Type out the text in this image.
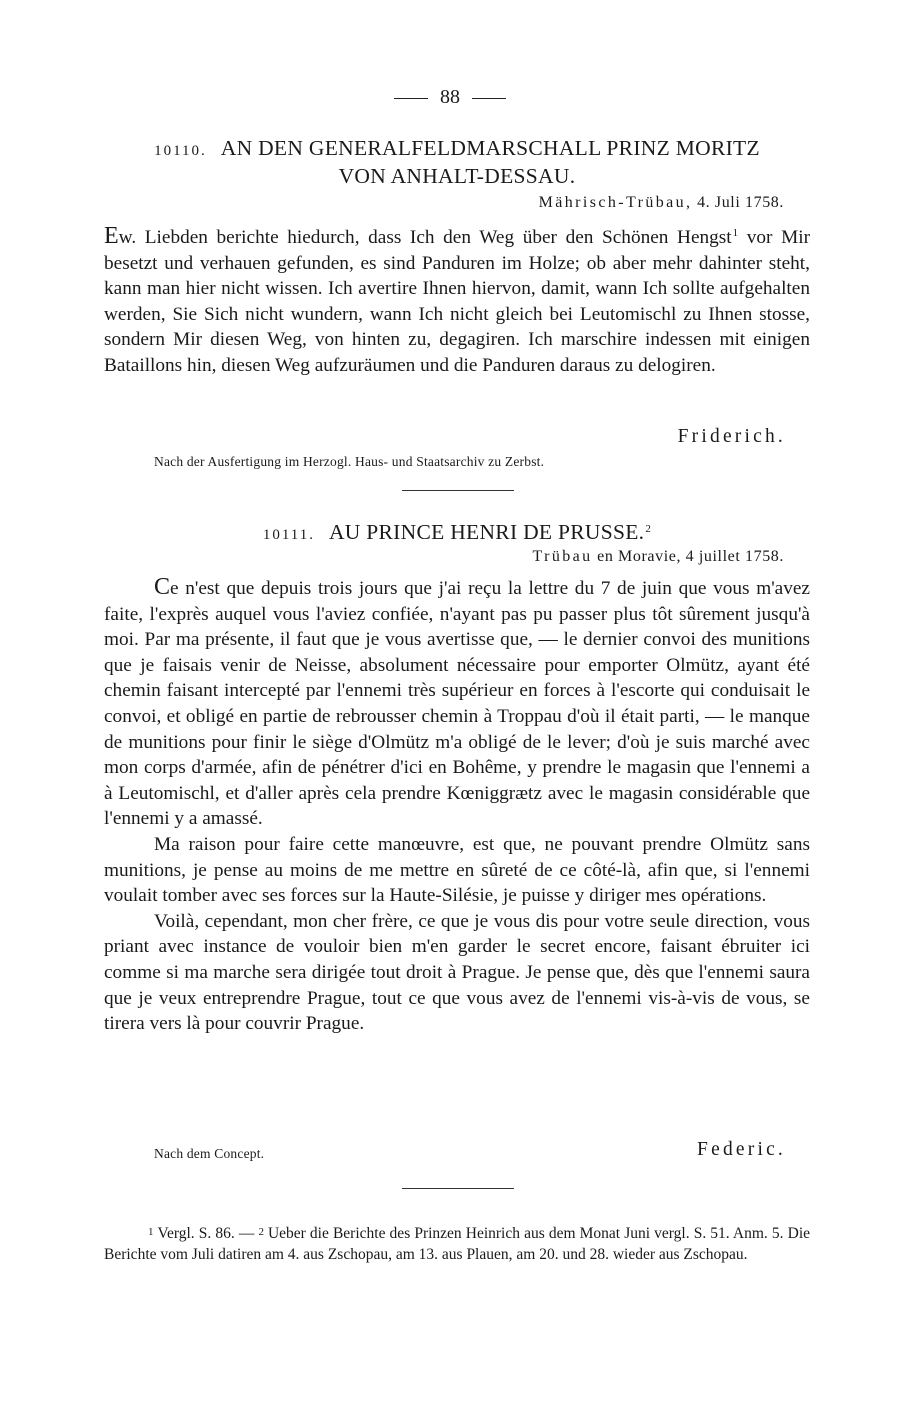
88
10110. AN DEN GENERALFELDMARSCHALL PRINZ MORITZ
VON ANHALT-DESSAU.
Mährisch-Trübau, 4. Juli 1758.

Ew. Liebden berichte hiedurch, dass Ich den Weg über den Schönen Hengst$^1$ vor Mir besetzt und verhauen gefunden, es sind Panduren im Holze; ob aber mehr dahinter steht, kann man hier nicht wissen. Ich avertire Ihnen hiervon, damit, wann Ich sollte aufgehalten werden, Sie Sich nicht wundern, wann Ich nicht gleich bei Leutomischl zu Ihnen stosse, sondern Mir diesen Weg, von hinten zu, degagiren. Ich marschire indessen mit einigen Bataillons hin, diesen Weg aufzuräumen und die Panduren daraus zu delogiren.

Friderich.
Nach der Ausfertigung im Herzogl. Haus- und Staatsarchiv zu Zerbst.
10111. AU PRINCE HENRI DE PRUSSE.$^2$
Trübau en Moravie, 4 juillet 1758.

Ce n'est que depuis trois jours que j'ai reçu la lettre du 7 de juin que vous m'avez faite, l'exprès auquel vous l'aviez confiée, n'ayant pas pu passer plus tôt sûrement jusqu'à moi. Par ma présente, il faut que je vous avertisse que, — le dernier convoi des munitions que je faisais venir de Neisse, absolument nécessaire pour emporter Olmütz, ayant été chemin faisant intercepté par l'ennemi très supérieur en forces à l'escorte qui conduisait le convoi, et obligé en partie de rebrousser chemin à Troppau d'où il était parti, — le manque de munitions pour finir le siège d'Olmütz m'a obligé de le lever; d'où je suis marché avec mon corps d'armée, afin de pénétrer d'ici en Bohême, y prendre le magasin que l'ennemi a à Leutomischl, et d'aller après cela prendre Kœniggrætz avec le magasin considérable que l'ennemi y a amassé.

Ma raison pour faire cette manœuvre, est que, ne pouvant prendre Olmütz sans munitions, je pense au moins de me mettre en sûreté de ce côté-là, afin que, si l'ennemi voulait tomber avec ses forces sur la Haute-Silésie, je puisse y diriger mes opérations.

Voilà, cependant, mon cher frère, ce que je vous dis pour votre seule direction, vous priant avec instance de vouloir bien m'en garder le secret encore, faisant ébruiter ici comme si ma marche sera dirigée tout droit à Prague. Je pense que, dès que l'ennemi saura que je veux entreprendre Prague, tout ce que vous avez de l'ennemi vis-à-vis de vous, se tirera vers là pour couvrir Prague.

Nach dem Concept.	Federic.

1 Vergl. S. 86. — 2 Ueber die Berichte des Prinzen Heinrich aus dem Monat Juni vergl. S. 51. Anm. 5. Die Berichte vom Juli datiren am 4. aus Zschopau, am 13. aus Plauen, am 20. und 28. wieder aus Zschopau.
